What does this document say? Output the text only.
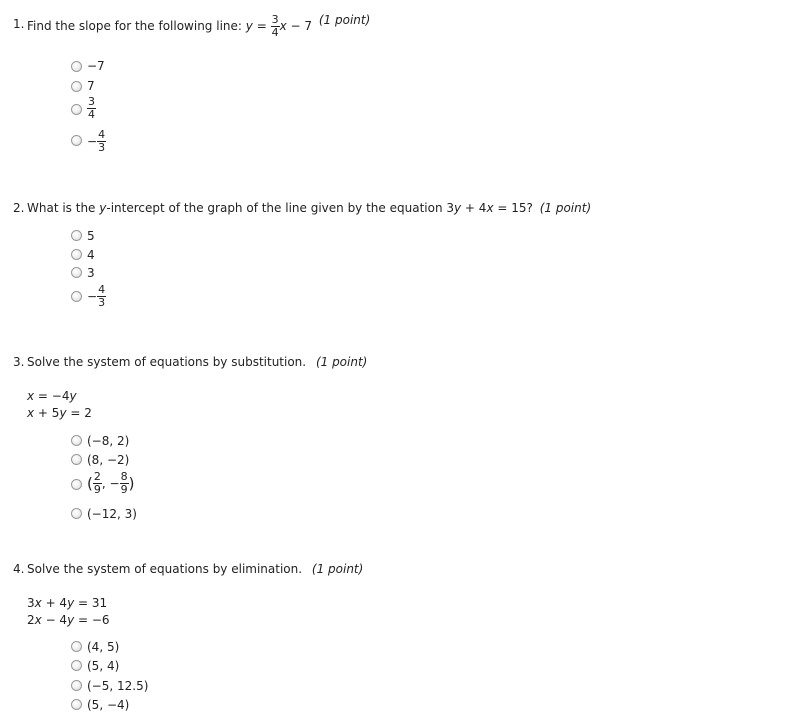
1. Find the slope for the following line: $y = \frac{3}{4}$ x − 7 (1 point)
−7
7
$\frac{3}{4}$
− $\frac{4}{3}$
2. What is the y-intercept of the graph of the line given by the equation 3y + 4x = 15? (1 point)
5
4
3
− $\frac{4}{3}$
3. Solve the system of equations by substitution. (1 point)
x = −4y
x + 5y = 2
(−8, 2)
(8, −2)
( $\frac{2}{9}$ , − $\frac{8}{9}$ )
(−12, 3)
4. Solve the system of equations by elimination. (1 point)
3x + 4y = 31
2x − 4y = −6
(4, 5)
(5, 4)
(−5, 12.5)
(5, −4)
